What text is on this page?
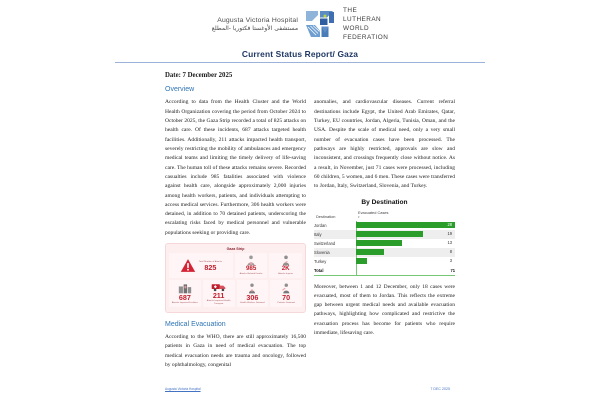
Augusta Victoria Hospital
مستشفى الأوغستا فكتوريا -المطلع
THE
LUTHERAN
WORLD
FEDERATION
Current Status Report/ Gaza
Date: 7 December 2025
Overview

According to data from the Health Cluster and the World Health Organization covering the period from October 2024 to October 2025, the Gaza Strip recorded a total of 825 attacks on health care. Of these incidents, 687 attacks targeted health facilities. Additionally, 211 attacks impacted health transport, severely restricting the mobility of ambulances and emergency medical teams and limiting the timely delivery of life-saving care. The human toll of these attacks remains severe. Recorded casualties include 985 fatalities associated with violence against health care, alongside approximately 2,000 injuries among health workers, patients, and individuals attempting to access medical services. Furthermore, 306 health workers were detained, in addition to 70 detained patients, underscoring the escalating risks faced by medical personnel and vulnerable populations seeking or providing care.

Gaza Strip
Total Number of Attacks
825	985
Attacks Related Deaths
2K
Attacks Injuries
687
Attacks Impacted Facilities
211
Attacks Impacted Health Transport
306
Health Workers Detained
70
Patients Detained
Medical Evacuation

According to the WHO, there are still approximately 16,500 patients in Gaza in need of medical evacuation. The top medical evacuation needs are trauma and oncology, followed by ophthalmology, congenital

anomalies, and cardiovascular diseases. Current referral destinations include Egypt, the United Arab Emirates, Qatar, Turkey, EU countries, Jordan, Algeria, Tunisia, Oman, and the USA. Despite the scale of medical need, only a very small number of evacuation cases have been processed. The pathways are highly restricted, approvals are slow and inconsistent, and crossings frequently close without notice. As a result, in November, just 71 cases were processed, including 60 children, 5 women, and 6 men. These cases were transferred to Jordan, Italy, Switzerland, Slovenia, and Turkey.

By Destination
Destination	Evacuated Cases
▾

Jordan	28

Italy	19

Switzerland	13

Slovenia	8

Turkey	3

Total	71

Moreover, between 1 and 12 December, only 18 cases were evacuated, most of them to Jordan. This reflects the extreme gap between urgent medical needs and available evacuation pathways, highlighting how complicated and restrictive the evacuation process has become for patients who require immediate, lifesaving care.

Augusta Victoria Hospital	7 DEC 2025
